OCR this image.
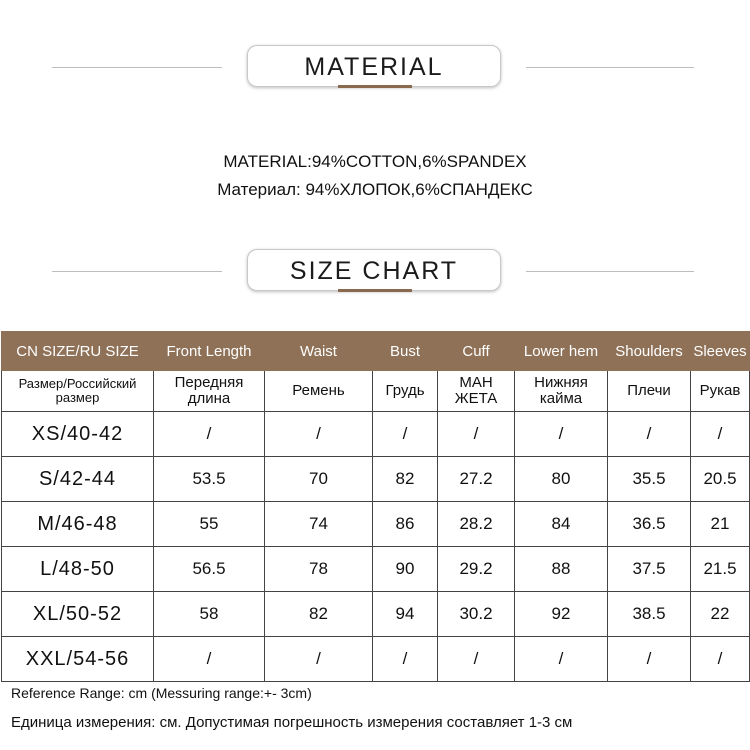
MATERIAL
MATERIAL:94%COTTON,6%SPANDEX
Материал: 94%ХЛОПОК,6%СПАНДЕКС
SIZE CHART
CN SIZE/RU SIZE	Front Length	Waist	Bust	Cuff	Lower hem	Shoulders	Sleeves
Размер/Российский размер	Передняя длина	Ремень	Грудь	МАН ЖЕТА	Нижняя кайма	Плечи	Рукав
XS/40-42	/	/	/	/	/	/	/
S/42-44	53.5	70	82	27.2	80	35.5	20.5
M/46-48	55	74	86	28.2	84	36.5	21
L/48-50	56.5	78	90	29.2	88	37.5	21.5
XL/50-52	58	82	94	30.2	92	38.5	22
XXL/54-56	/	/	/	/	/	/	/
Reference Range: cm (Messuring range:+- 3cm)
Единица измерения: см. Допустимая погрешность измерения составляет 1-3 см
